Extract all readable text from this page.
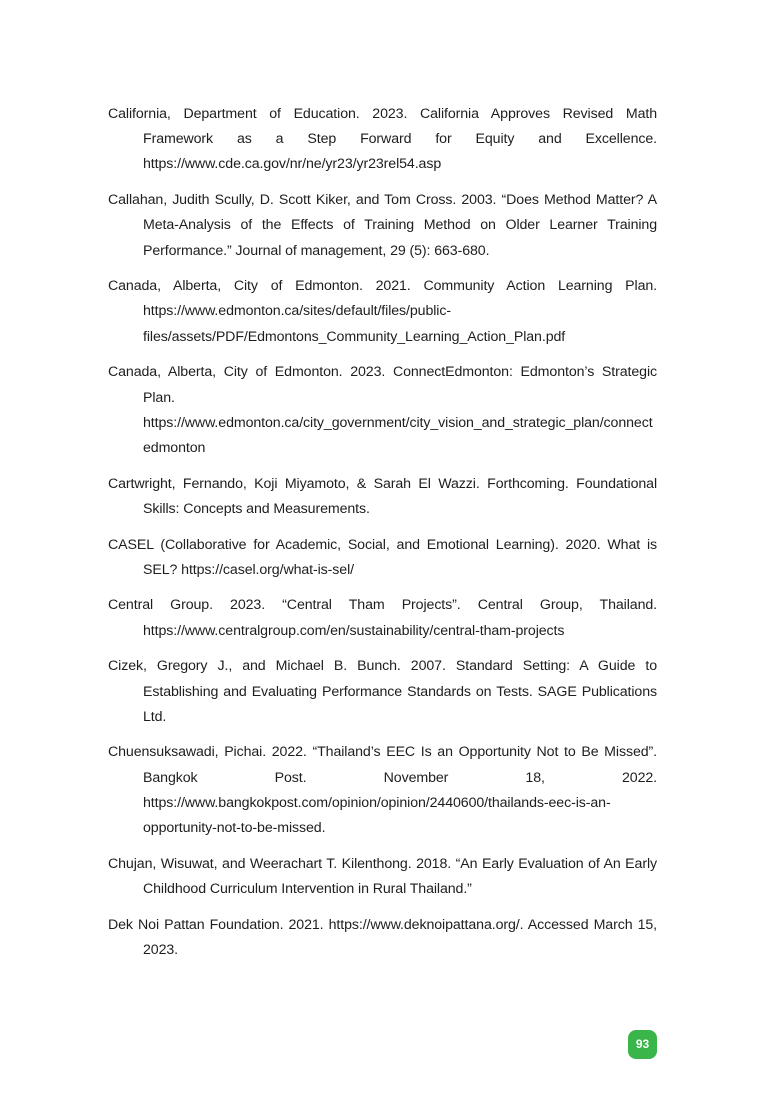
California, Department of Education. 2023. California Approves Revised Math Framework as a Step Forward for Equity and Excellence. https://www.cde.ca.gov/nr/ne/yr23/yr23rel54.asp
Callahan, Judith Scully, D. Scott Kiker, and Tom Cross. 2003. “Does Method Matter? A Meta-Analysis of the Effects of Training Method on Older Learner Training Performance.” Journal of management, 29 (5): 663-680.
Canada, Alberta, City of Edmonton. 2021. Community Action Learning Plan. https://www.edmonton.ca/sites/default/files/public-files/assets/PDF/Edmontons_Community_Learning_Action_Plan.pdf
Canada, Alberta, City of Edmonton. 2023. ConnectEdmonton: Edmonton’s Strategic Plan. https://www.edmonton.ca/city_government/city_vision_and_strategic_plan/connectedmonton
Cartwright, Fernando, Koji Miyamoto, & Sarah El Wazzi. Forthcoming. Foundational Skills: Concepts and Measurements.
CASEL (Collaborative for Academic, Social, and Emotional Learning). 2020. What is SEL? https://casel.org/what-is-sel/
Central Group. 2023. “Central Tham Projects”. Central Group, Thailand. https://www.centralgroup.com/en/sustainability/central-tham-projects
Cizek, Gregory J., and Michael B. Bunch. 2007. Standard Setting: A Guide to Establishing and Evaluating Performance Standards on Tests. SAGE Publications Ltd.
Chuensuksawadi, Pichai. 2022. “Thailand’s EEC Is an Opportunity Not to Be Missed”. Bangkok Post. November 18, 2022. https://www.bangkokpost.com/opinion/opinion/2440600/thailands-eec-is-an-opportunity-not-to-be-missed.
Chujan, Wisuwat, and Weerachart T. Kilenthong. 2018. “An Early Evaluation of An Early Childhood Curriculum Intervention in Rural Thailand.”
Dek Noi Pattan Foundation. 2021. https://www.deknoipattana.org/. Accessed March 15, 2023.
93
